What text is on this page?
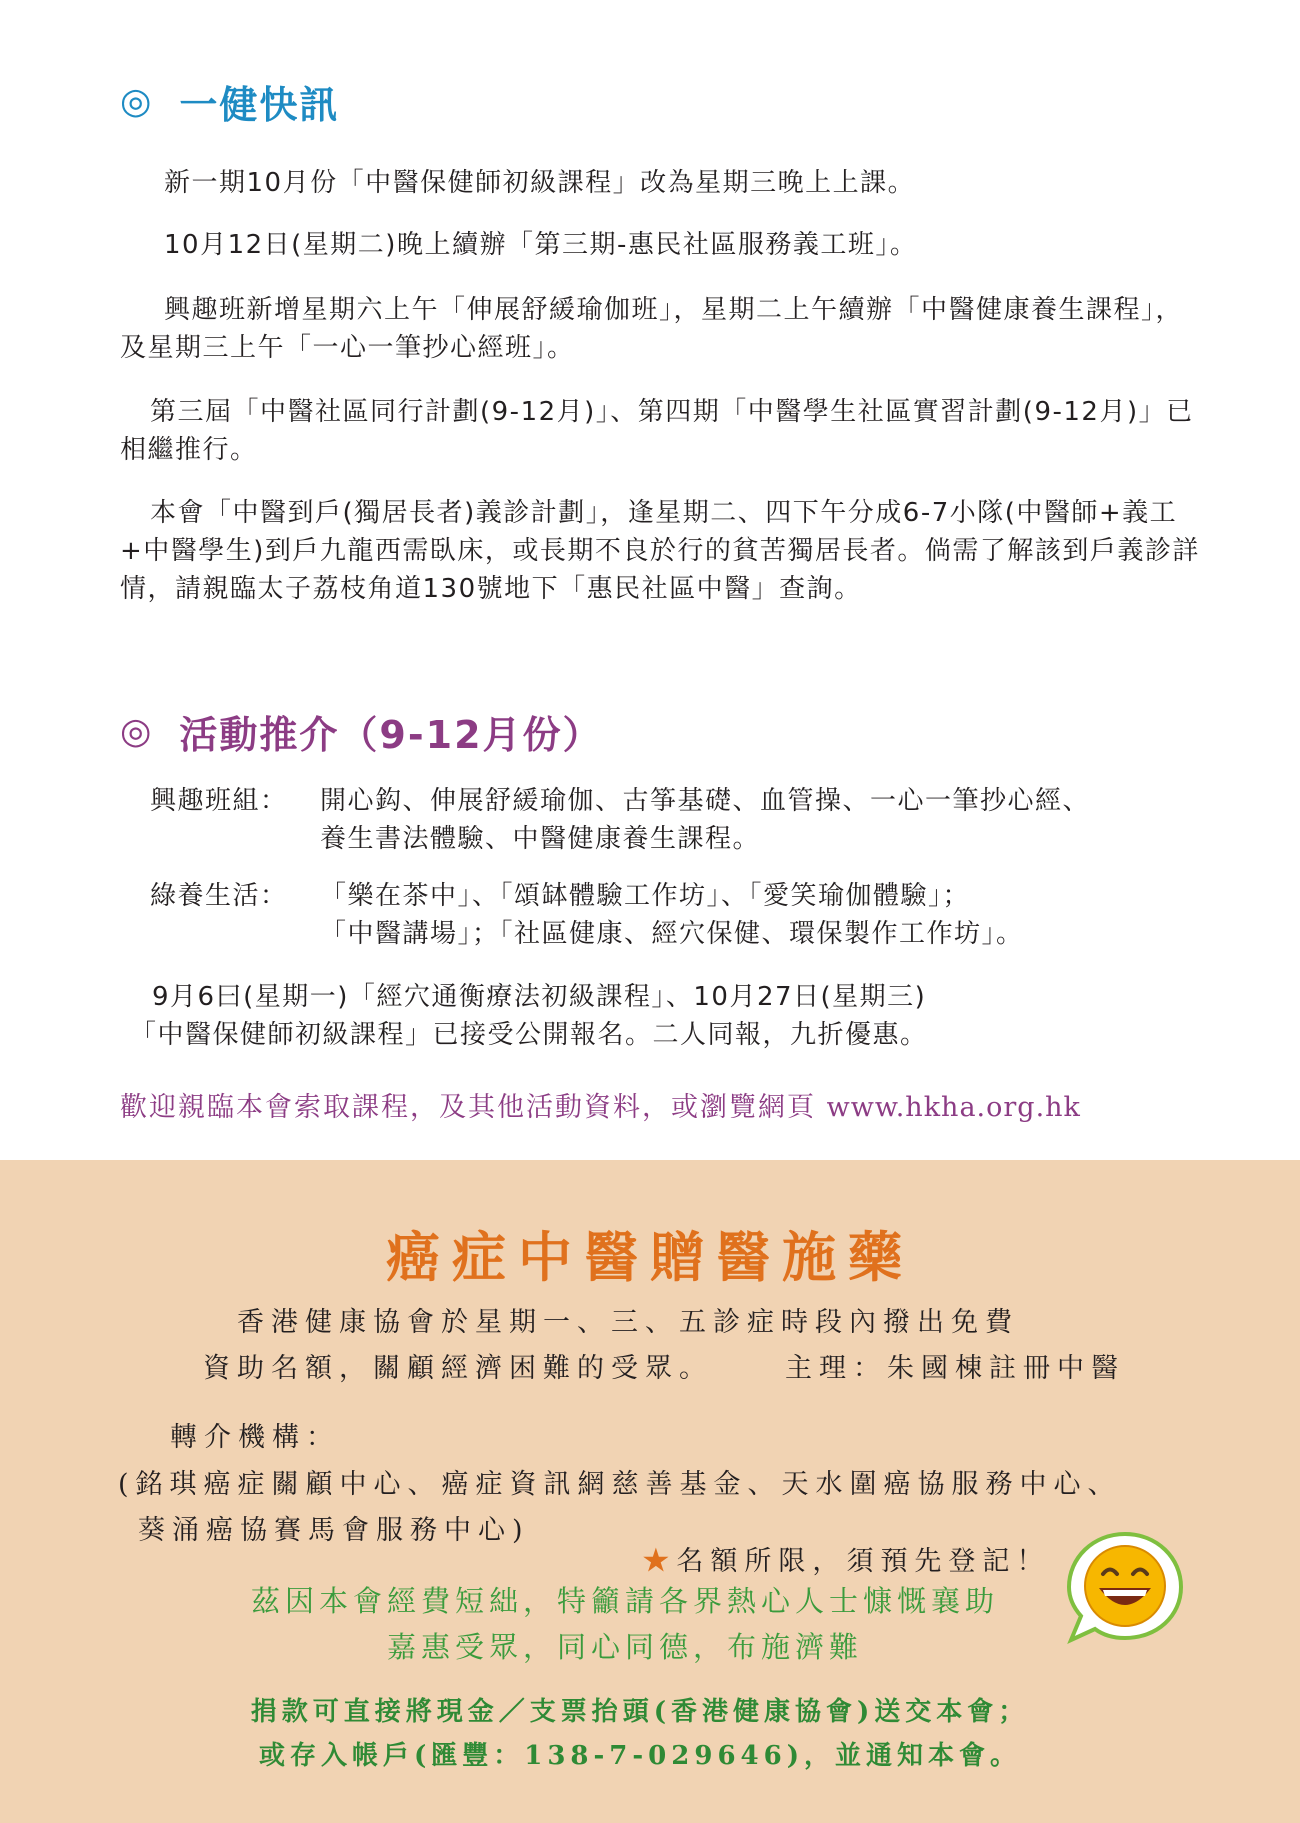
◎ 一健快訊

新一期10月份「中醫保健師初級課程」改為星期三晚上上課。

10月12日(星期二)晚上續辦「第三期-惠民社區服務義工班」。

興趣班新增星期六上午「伸展舒緩瑜伽班」，星期二上午續辦「中醫健康養生課程」，及星期三上午「一心一筆抄心經班」。

第三屆「中醫社區同行計劃(9-12月)」、第四期「中醫學生社區實習計劃(9-12月)」已相繼推行。

本會「中醫到戶(獨居長者)義診計劃」，逢星期二、四下午分成6-7小隊(中醫師+義工+中醫學生)到戶九龍西需臥床，或長期不良於行的貧苦獨居長者。倘需了解該到戶義診詳情，請親臨太子荔枝角道130號地下「惠民社區中醫」查詢。

◎ 活動推介（9-12月份）
興趣班組： 開心鈎、伸展舒緩瑜伽、古筝基礎、血管操、一心一筆抄心經、
養生書法體驗、中醫健康養生課程。
綠養生活： 「樂在茶中」、「頌缽體驗工作坊」、「愛笑瑜伽體驗」；
「中醫講場」；「社區健康、經穴保健、環保製作工作坊」。

9月6曰(星期一)「經穴通衡療法初級課程」、10月27日(星期三)
「中醫保健師初級課程」已接受公開報名。二人同報，九折優惠。

歡迎親臨本會索取課程，及其他活動資料，或瀏覽網頁 www.hkha.org.hk
癌症中醫贈醫施藥
香港健康協會於星期一、三、五診症時段內撥出免費
資助名額，關顧經濟困難的受眾。	主理：朱國棟註冊中醫
轉介機構：
(銘琪癌症關顧中心、癌症資訊網慈善基金、天水圍癌協服務中心、
葵涌癌協賽馬會服務中心)

★名額所限，須預先登記！

茲因本會經費短絀，特籲請各界熱心人士慷慨襄助
嘉惠受眾，同心同德，布施濟難
捐款可直接將現金／支票抬頭(香港健康協會)送交本會；
或存入帳戶(匯豐：138-7-029646)，並通知本會。
